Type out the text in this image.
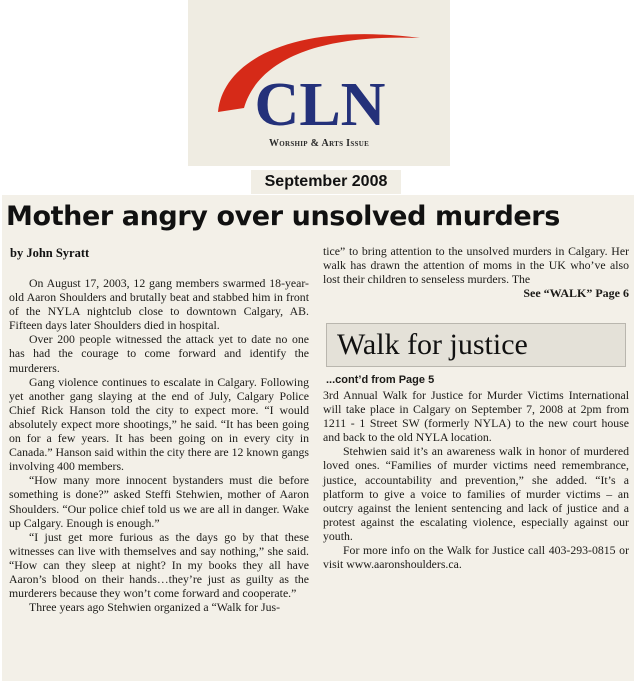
CLN
Worship & Arts Issue
September 2008
Mother angry over unsolved murders
by John Syratt

On August 17, 2003, 12 gang members swarmed 18-year-old Aaron Shoulders and brutally beat and stabbed him in front of the NYLA nightclub close to downtown Calgary, AB. Fifteen days later Shoulders died in hospital.

Over 200 people witnessed the attack yet to date no one has had the courage to come forward and identify the murderers.

Gang violence continues to escalate in Calgary. Following yet another gang slaying at the end of July, Calgary Police Chief Rick Hanson told the city to expect more. “I would absolutely expect more shootings,” he said. “It has been going on for a few years. It has been going on in every city in Canada.” Hanson said within the city there are 12 known gangs involving 400 members.

“How many more innocent bystanders must die before something is done?” asked Steffi Stehwien, mother of Aaron Shoulders. “Our police chief told us we are all in danger. Wake up Calgary. Enough is enough.”

“I just get more furious as the days go by that these witnesses can live with themselves and say nothing,” she said. “How can they sleep at night? In my books they all have Aaron’s blood on their hands…they’re just as guilty as the murderers because they won’t come forward and cooperate.”

Three years ago Stehwien organized a “Walk for Jus-

tice” to bring attention to the unsolved murders in Calgary. Her walk has drawn the attention of moms in the UK who’ve also lost their children to senseless murders. The

See “WALK” Page 6
Walk for justice
...cont’d from Page 5

3rd Annual Walk for Justice for Murder Victims International will take place in Calgary on September 7, 2008 at 2pm from 1211 - 1 Street SW (formerly NYLA) to the new court house and back to the old NYLA location.

Stehwien said it’s an awareness walk in honor of murdered loved ones. “Families of murder victims need remembrance, justice, accountability and prevention,” she added. “It’s a platform to give a voice to families of murder victims – an outcry against the lenient sentencing and lack of justice and a protest against the escalating violence, especially against our youth.

For more info on the Walk for Justice call 403-293-0815 or visit www.aaronshoulders.ca.
